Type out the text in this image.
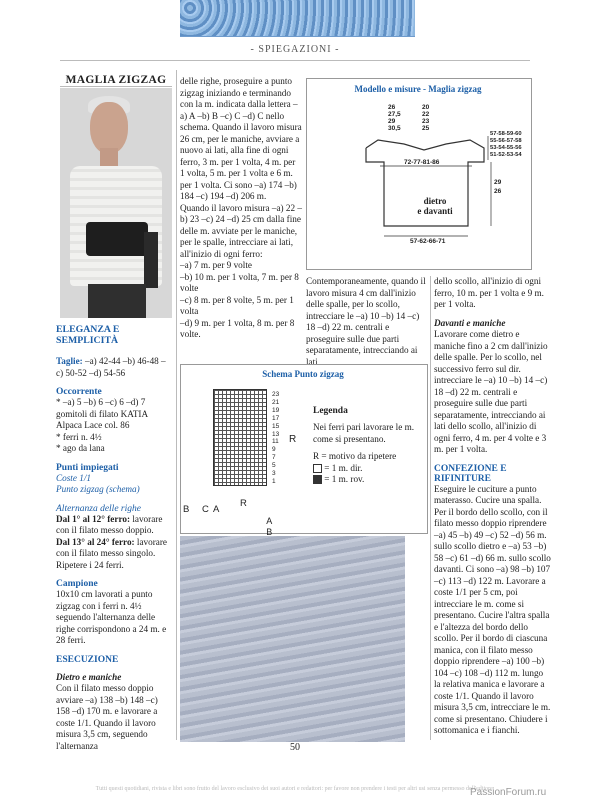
- SPIEGAZIONI -
MAGLIA ZIGZAG
ELEGANZA E SEMPLICITÀ
Taglie: –a) 42-44 –b) 46-48 –c) 50-52 –d) 54-56
Occorrente
* –a) 5 –b) 6 –c) 6 –d) 7 gomitoli di filato KATIA Alpaca Lace col. 86
* ferri n. 4½
* ago da lana
Punti impiegati
Coste 1/1
Punto zigzag (schema)
Alternanza delle righe
Dal 1° al 12° ferro: lavorare con il filato messo doppio.
Dal 13° al 24° ferro: lavorare con il filato messo singolo. Ripetere i 24 ferri.
Campione
10x10 cm lavorati a punto zigzag con i ferri n. 4½ seguendo l'alternanza delle righe corrispondono a 24 m. e 28 ferri.
ESECUZIONE
Dietro e maniche
Con il filato messo doppio avviare –a) 138 –b) 148 –c) 158 –d) 170 m. e lavorare a coste 1/1. Quando il lavoro misura 3,5 cm, seguendo l'alternanza
delle righe, proseguire a punto zigzag iniziando e terminando con la m. indicata dalla lettera –a) A –b) B –c) C –d) C nello schema. Quando il lavoro misura 26 cm, per le maniche, avviare a nuovo ai lati, alla fine di ogni ferro, 3 m. per 1 volta, 4 m. per 1 volta, 5 m. per 1 volta e 6 m. per 1 volta. Ci sono –a) 174 –b) 184 –c) 194 –d) 206 m.
Quando il lavoro misura –a) 22 –b) 23 –c) 24 –d) 25 cm dalla fine delle m. avviate per le maniche, per le spalle, intrecciare ai lati, all'inizio di ogni ferro:
–a) 7 m. per 9 volte
–b) 10 m. per 1 volta, 7 m. per 8 volte
–c) 8 m. per 8 volte, 5 m. per 1 volta
–d) 9 m. per 1 volta, 8 m. per 8 volte.
Modello e misure - Maglia zigzag
26
27,5
29
30,5
20
22
23
25
57-58-59-60
55-56-57-58
53-54-55-56
51-52-53-54
72-77-81-86
29
26
dietro
e davanti
57-62-66-71
Contemporaneamente, quando il lavoro misura 4 cm dall'inizio delle spalle, per lo scollo, intrecciare le –a) 10 –b) 14 –c) 18 –d) 22 m. centrali e proseguire sulle due parti separatamente, intrecciando ai lati
dello scollo, all'inizio di ogni ferro, 10 m. per 1 volta e 9 m. per 1 volta.
Davanti e maniche
Lavorare come dietro e maniche fino a 2 cm dall'inizio delle spalle. Per lo scollo, nel successivo ferro sul dir. intrecciare le –a) 10 –b) 14 –c) 18 –d) 22 m. centrali e proseguire sulle due parti separatamente, intrecciando ai lati dello scollo, all'inizio di ogni ferro, 4 m. per 4 volte e 3 m. per 1 volta.
CONFEZIONE E RIFINITURE
Eseguire le cuciture a punto materasso. Cucire una spalla. Per il bordo dello scollo, con il filato messo doppio riprendere –a) 45 –b) 49 –c) 52 –d) 56 m. sullo scollo dietro e –a) 53 –b) 58 –c) 61 –d) 66 m. sullo scollo davanti. Ci sono –a) 98 –b) 107 –c) 113 –d) 122 m. Lavorare a coste 1/1 per 5 cm, poi intrecciare le m. come si presentano. Cucire l'altra spalla e l'altezza del bordo dello scollo. Per il bordo di ciascuna manica, con il filato messo doppio riprendere –a) 100 –b) 104 –c) 108 –d) 112 m. lungo la relativa manica e lavorare a coste 1/1. Quando il lavoro misura 3,5 cm, intrecciare le m. come si presentano. Chiudere i sottomanica e i fianchi.
Schema Punto zigzag
23
21
19
17
15
13
11
9
7
5
3
1
R
B C
R
A
B
A
Legenda
Nei ferri pari lavorare le m. come si presentano.
R = motivo da ripetere
= 1 m. dir.
= 1 m. rov.
50
Tutti questi quotidiani, rivista e libri sono frutto del lavoro esclusivo dei suoi autori e redattori: per favore non prendere i testi per altri usi senza permesso dell'editore.
PassionForum.ru
